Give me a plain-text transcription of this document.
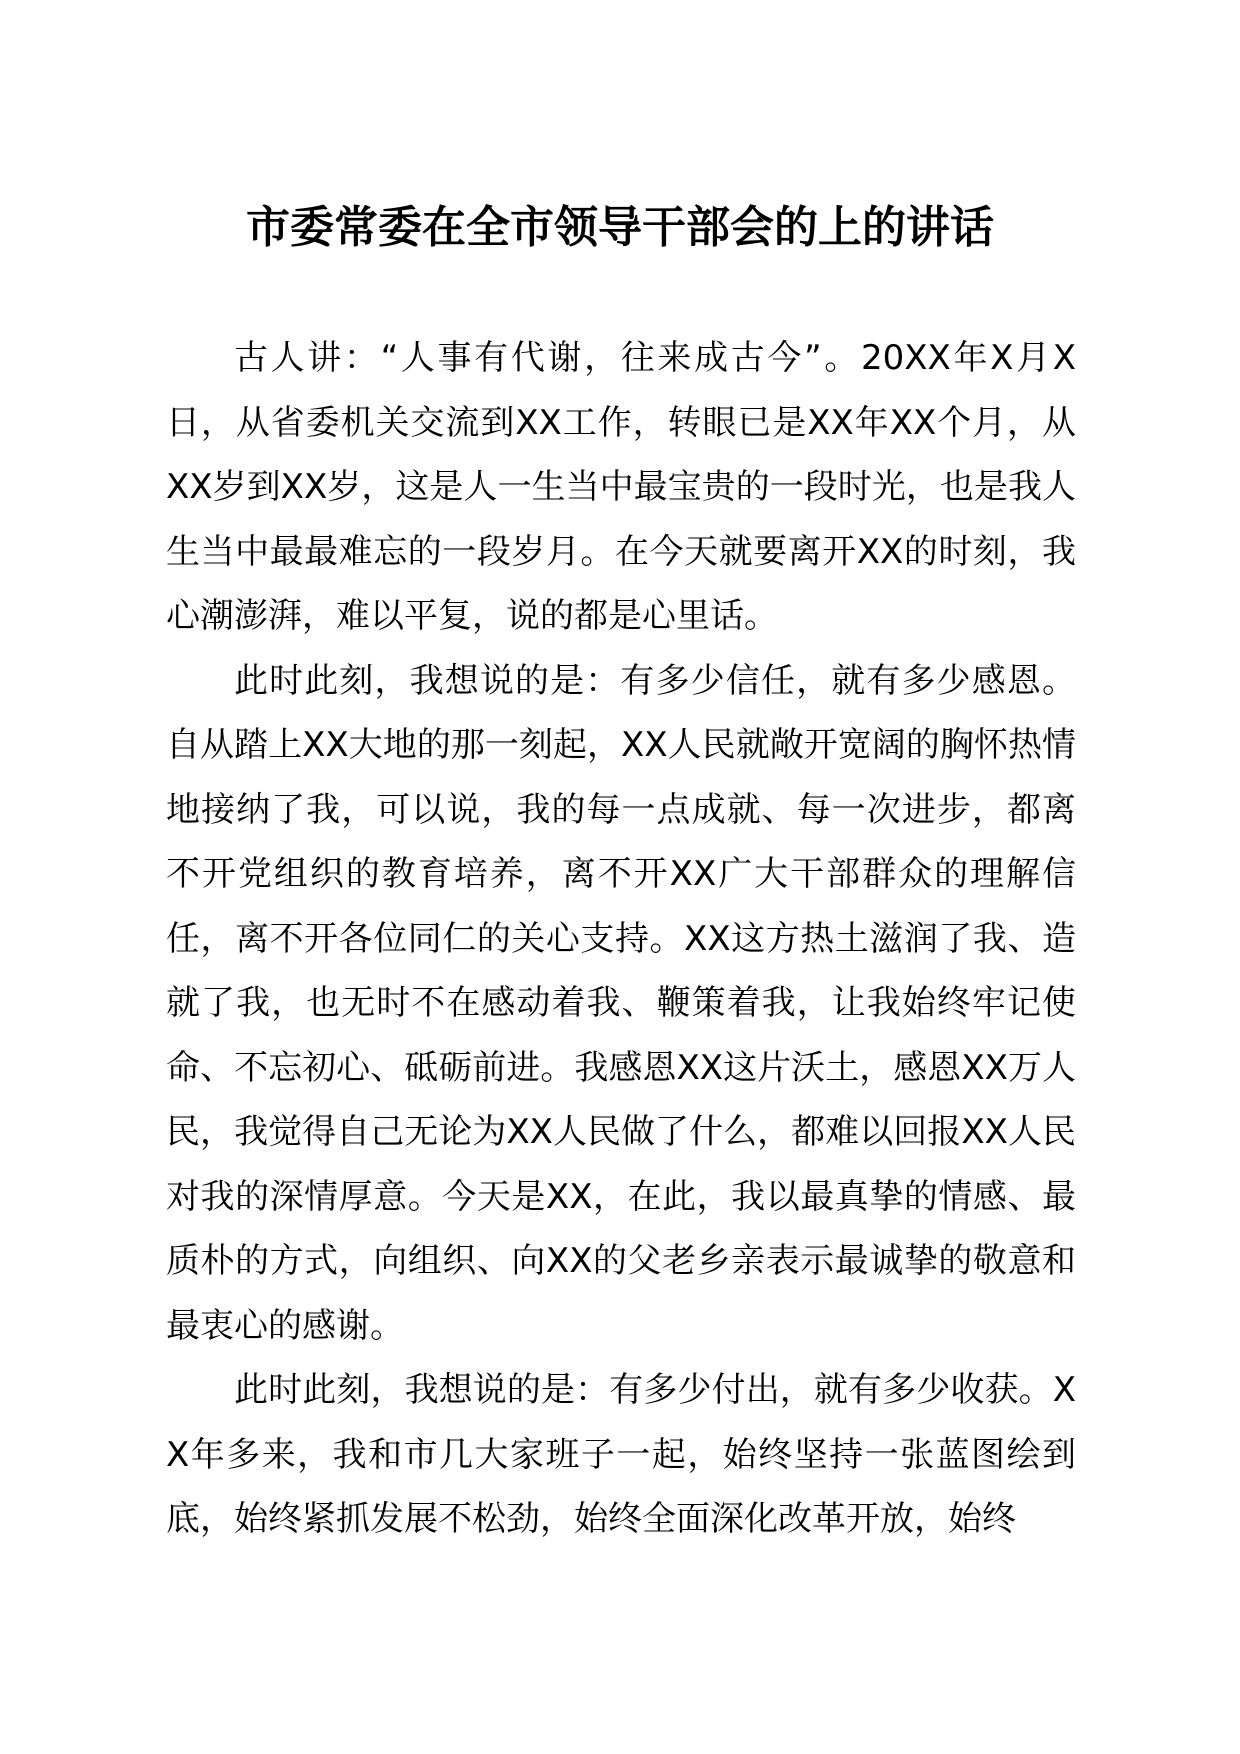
市委常委在全市领导干部会的上的讲话

古人讲：“人事有代谢，往来成古今”。20XX年X月X日，从省委机关交流到XX工作，转眼已是XX年XX个月，从XX岁到XX岁，这是人一生当中最宝贵的一段时光，也是我人生当中最最难忘的一段岁月。在今天就要离开XX的时刻，我心潮澎湃，难以平复，说的都是心里话。

此时此刻，我想说的是：有多少信任，就有多少感恩。自从踏上XX大地的那一刻起，XX人民就敞开宽阔的胸怀热情地接纳了我，可以说，我的每一点成就、每一次进步，都离不开党组织的教育培养，离不开XX广大干部群众的理解信任，离不开各位同仁的关心支持。XX这方热土滋润了我、造就了我，也无时不在感动着我、鞭策着我，让我始终牢记使命、不忘初心、砥砺前进。我感恩XX这片沃土，感恩XX万人民，我觉得自己无论为XX人民做了什么，都难以回报XX人民对我的深情厚意。今天是XX，在此，我以最真挚的情感、最质朴的方式，向组织、向XX的父老乡亲表示最诚挚的敬意和最衷心的感谢。

此时此刻，我想说的是：有多少付出，就有多少收获。XX年多来，我和市几大家班子一起，始终坚持一张蓝图绘到底，始终紧抓发展不松劲，始终全面深化改革开放，始终
